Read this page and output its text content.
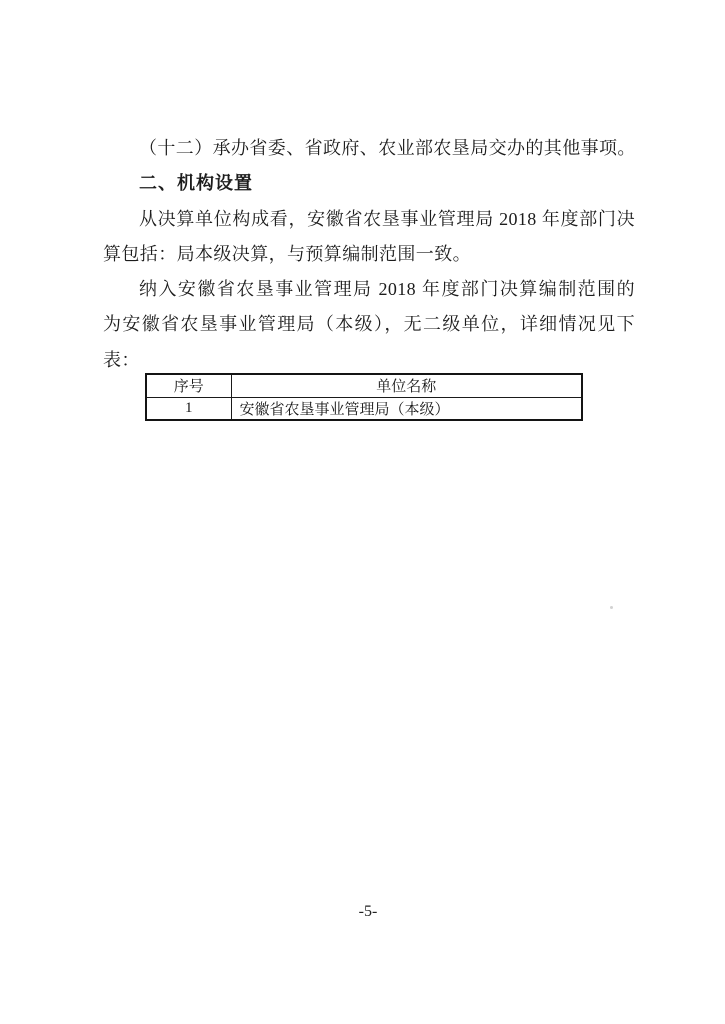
（十二）承办省委、省政府、农业部农垦局交办的其他事项。
二、机构设置
从决算单位构成看，安徽省农垦事业管理局 2018 年度部门决
算包括：局本级决算，与预算编制范围一致。
纳入安徽省农垦事业管理局 2018 年度部门决算编制范围的
为安徽省农垦事业管理局（本级），无二级单位，详细情况见下
表：
序号	单位名称
1	安徽省农垦事业管理局（本级）
-5-
